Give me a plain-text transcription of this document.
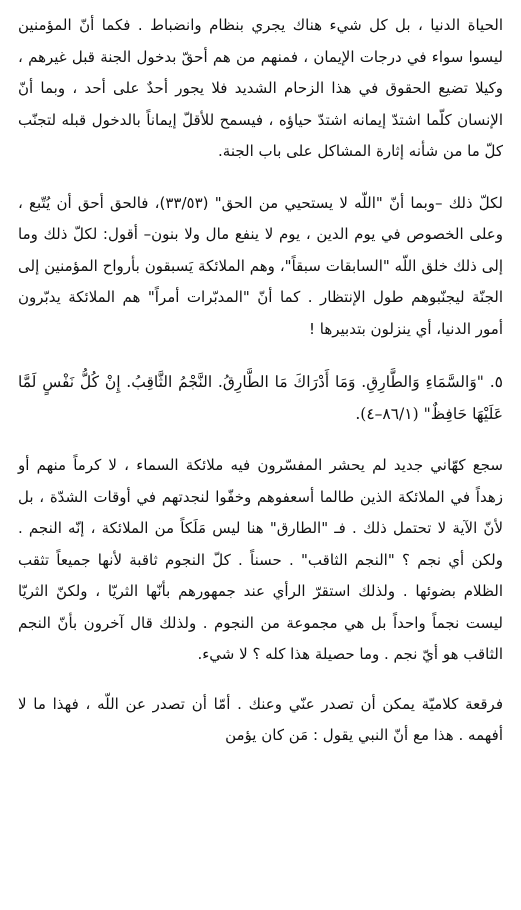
الحياة الدنيا ، بل كل شيء هناك يجري بنظام وانضباط . فكما أنّ المؤمنين ليسوا سواء في درجات الإيمان ، فمنهم من هم أحقّ بدخول الجنة قبل غيرهم ، وكيلا تضيع الحقوق في هذا الزحام الشديد فلا يجور أحدٌ على أحد ، وبما أنّ الإنسان كلّما اشتدّ إيمانه اشتدّ حياؤه ، فيسمح للأقلّ إيماناً بالدخول قبله لتجنّب كلّ ما من شأنه إثارة المشاكل على باب الجنة.

لكلّ ذلك –وبما أنّ "اللّه لا يستحيي من الحق" (٣٣/٥٣)، فالحق أحق أن يُتّبع ، وعلى الخصوص في يوم الدين ، يوم لا ينفع مال ولا بنون– أقول: لكلّ ذلك وما إلى ذلك خلق اللّه "السابقات سبقاً"، وهم الملائكة يَسبقون بأرواح المؤمنين إلى الجنّة ليجنّبوهم طول الإنتظار . كما أنّ "المدبّرات أمراً" هم الملائكة يدبّرون أمور الدنيا، أي ينزلون بتدبيرها !

٥. "وَالسَّمَاءِ وَالطَّارِقِ. وَمَا أَدْرَاكَ مَا الطَّارِقُ. النَّجْمُ الثَّاقِبُ. إِنْ كُلُّ نَفْسٍ لَمَّا عَلَيْهَا حَافِظٌ" (٨٦/١–٤).

سجع كهّاني جديد لم يحشر المفسّرون فيه ملائكة السماء ، لا كرماً منهم أو زهداً في الملائكة الذين طالما أسعفوهم وخفّوا لنجدتهم في أوقات الشدّة ، بل لأنّ الآية لا تحتمل ذلك . فـ "الطارق" هنا ليس مَلَكاً من الملائكة ، إنّه النجم . ولكن أي نجم ؟ "النجم الثاقب" . حسناً . كلّ النجوم ثاقبة لأنها جميعاً تثقب الظلام بضوئها . ولذلك استقرّ الرأي عند جمهورهم بأنّها الثريّا ، ولكنّ الثريّا ليست نجماً واحداً بل هي مجموعة من النجوم . ولذلك قال آخرون بأنّ النجم الثاقب هو أيّ نجم . وما حصيلة هذا كله ؟ لا شيء.

فرقعة كلاميّة يمكن أن تصدر عنّي وعنك . أمّا أن تصدر عن اللّه ، فهذا ما لا أفهمه . هذا مع أنّ النبي يقول : مَن كان يؤمن
